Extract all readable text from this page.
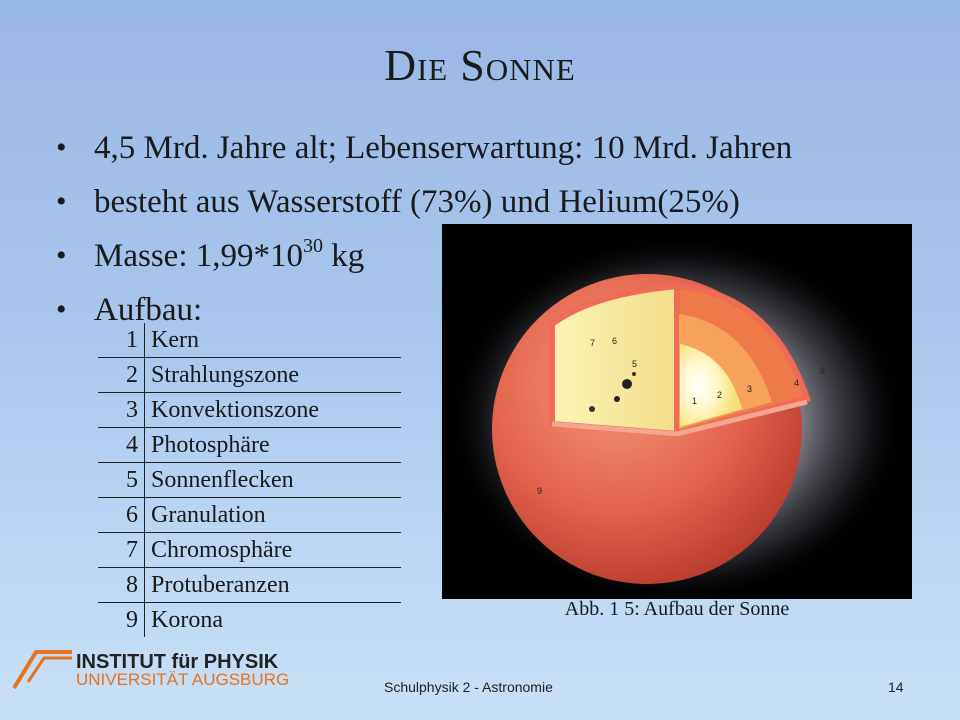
Die Sonne
• 4,5 Mrd. Jahre alt; Lebenserwartung: 10 Mrd. Jahren
• besteht aus Wasserstoff (73%) und Helium(25%)
• Masse: $1,99*10^{30}$ kg
• Aufbau:
1	Kern
2	Strahlungszone
3	Konvektionszone
4	Photosphäre
5	Sonnenflecken
6	Granulation
7	Chromosphäre
8	Protuberanzen
9	Korona
1
2
3
4
5
6
7
8
9
9
Abb. 1 5: Aufbau der Sonne
INSTITUT für PHYSIK
UNIVERSITÄT AUGSBURG	Schulphysik 2 - Astronomie	14
